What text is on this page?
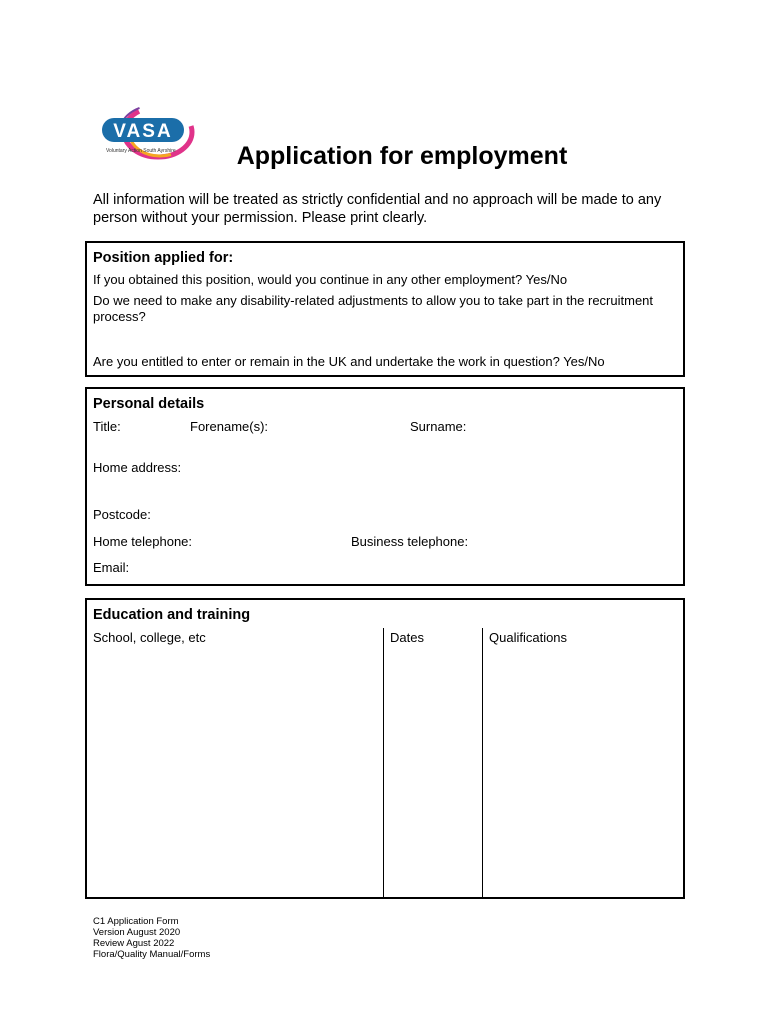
VASA
Voluntary Action South Ayrshire	Application for employment
All information will be treated as strictly confidential and no approach will be made to any person without your permission. Please print clearly.
Position applied for:
If you obtained this position, would you continue in any other employment? Yes/No
Do we need to make any disability-related adjustments to allow you to take part in the recruitment process?
Are you entitled to enter or remain in the UK and undertake the work in question? Yes/No
Personal details
Title:	Forename(s):	Surname:
Home address:
Postcode:
Home telephone:	Business telephone:
Email:
Education and training
School, college, etc	Dates	Qualifications
C1 Application Form
Version August 2020
Review Agust 2022
Flora/Quality Manual/Forms
